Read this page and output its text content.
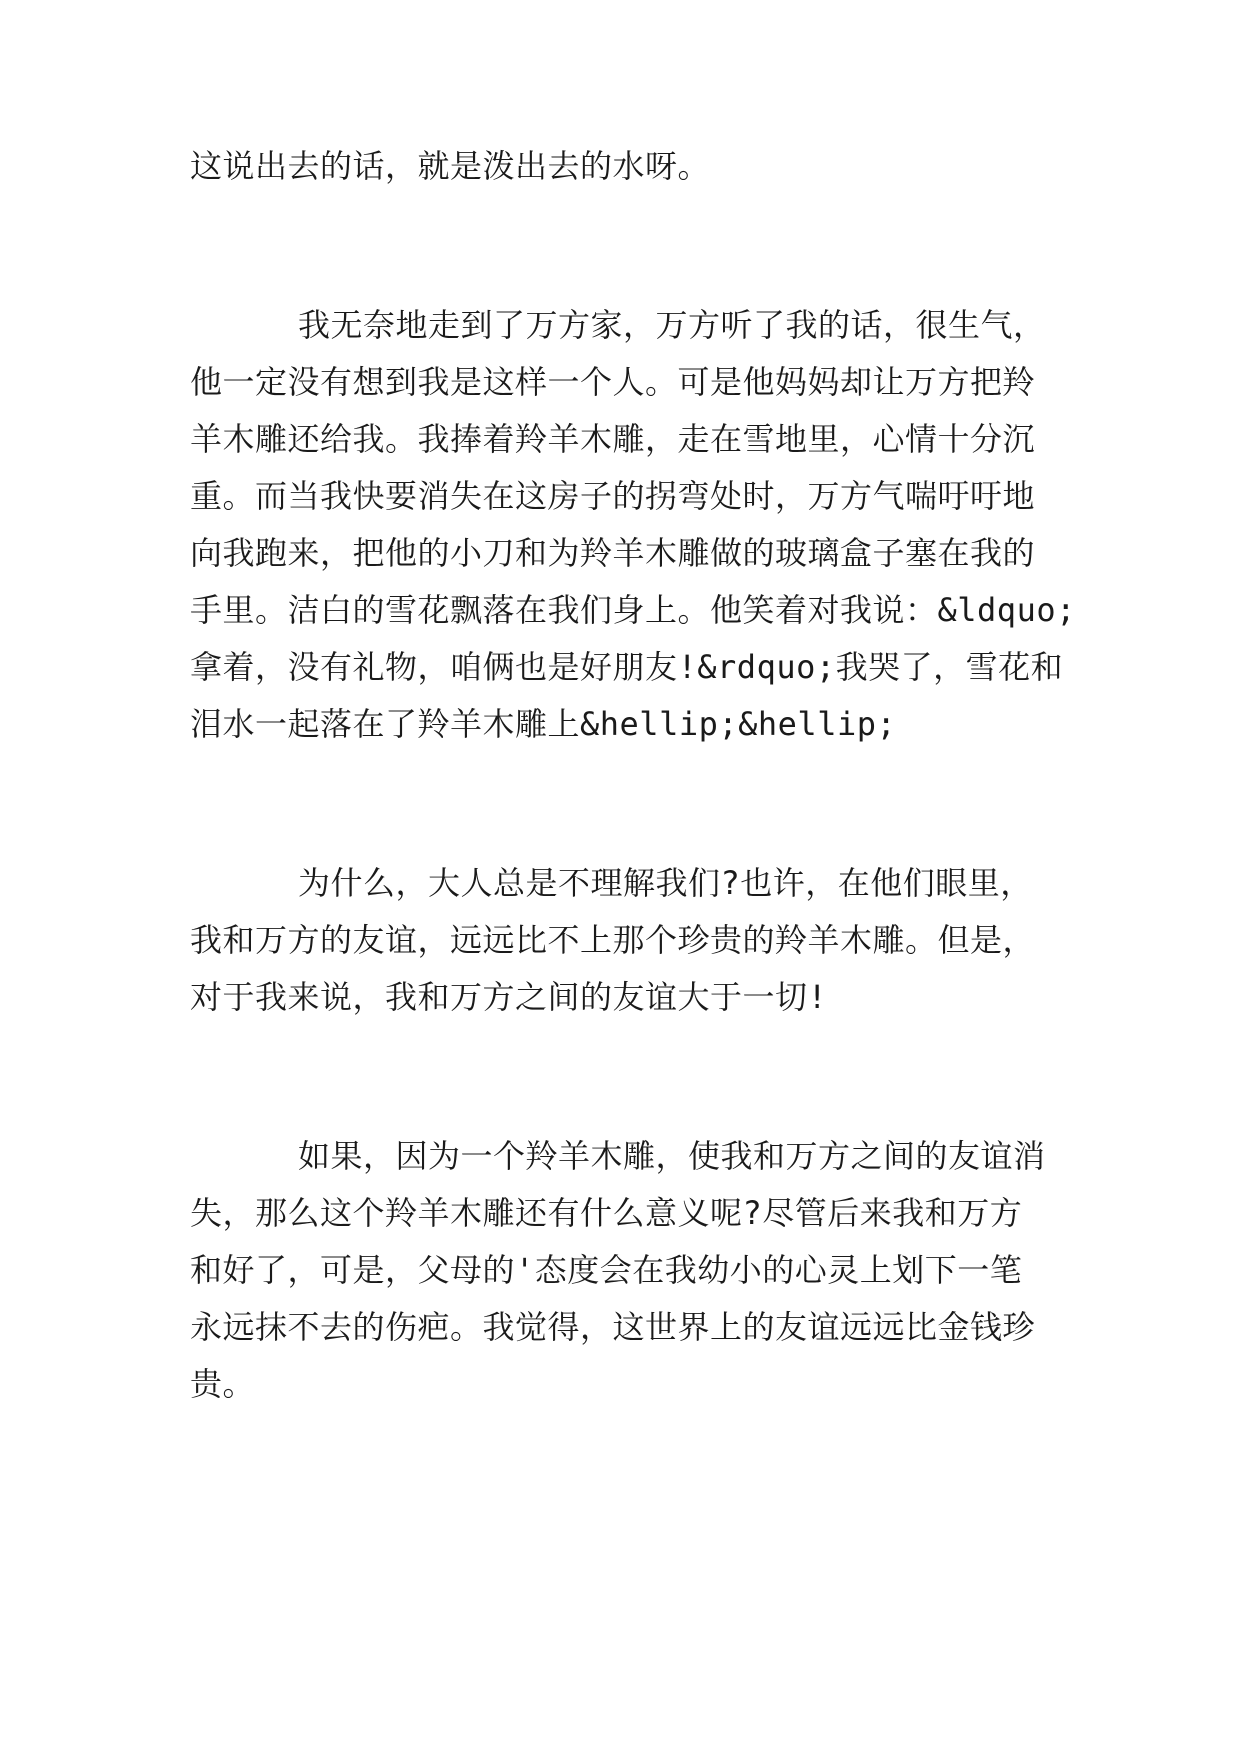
这说出去的话，就是泼出去的水呀。

我无奈地走到了万方家，万方听了我的话，很生气，

他一定没有想到我是这样一个人。可是他妈妈却让万方把羚

羊木雕还给我。我捧着羚羊木雕，走在雪地里，心情十分沉

重。而当我快要消失在这房子的拐弯处时，万方气喘吁吁地

向我跑来，把他的小刀和为羚羊木雕做的玻璃盒子塞在我的

手里。洁白的雪花飘落在我们身上。他笑着对我说：&ldquo;

拿着，没有礼物，咱俩也是好朋友!&rdquo;我哭了，雪花和

泪水一起落在了羚羊木雕上&hellip;&hellip;

为什么，大人总是不理解我们?也许，在他们眼里，

我和万方的友谊，远远比不上那个珍贵的羚羊木雕。但是，

对于我来说，我和万方之间的友谊大于一切!

如果，因为一个羚羊木雕，使我和万方之间的友谊消

失，那么这个羚羊木雕还有什么意义呢?尽管后来我和万方

和好了，可是，父母的'态度会在我幼小的心灵上划下一笔

永远抹不去的伤疤。我觉得，这世界上的友谊远远比金钱珍

贵。
